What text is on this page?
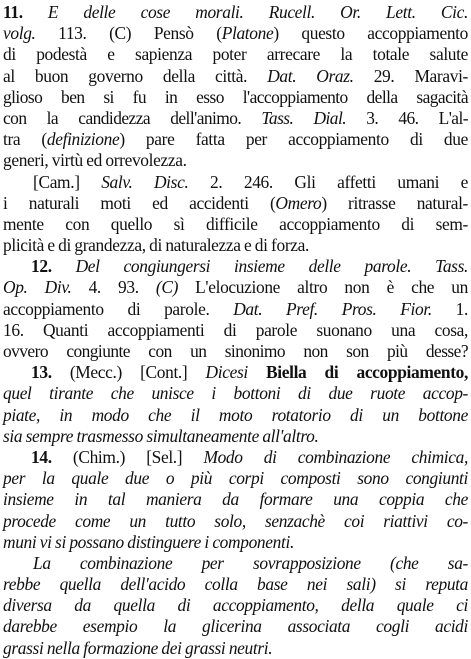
11. E delle cose morali. Rucell. Or. Lett. Cic.
volg. 113. (C) Pensò (Platone) questo accoppiamento
di podestà e sapienza poter arrecare la totale salute
al buon governo della città. Dat. Oraz. 29. Maravi-
glioso ben si fu in esso l'accoppiamento della sagacità
con la candidezza dell'animo. Tass. Dial. 3. 46. L'al-
tra (definizione) pare fatta per accoppiamento di due
generi, virtù ed orrevolezza.
[Cam.] Salv. Disc. 2. 246. Gli affetti umani e
i naturali moti ed accidenti (Omero) ritrasse natural-
mente con quello sì difficile accoppiamento di sem-
plicità e di grandezza, di naturalezza e di forza.
12. Del congiungersi insieme delle parole. Tass.
Op. Div. 4. 93. (C) L'elocuzione altro non è che un
accoppiamento di parole. Dat. Pref. Pros. Fior. 1.
16. Quanti accoppiamenti di parole suonano una cosa,
ovvero congiunte con un sinonimo non son più desse?
13. (Mecc.) [Cont.] Dicesi Biella di accoppiamento,
quel tirante che unisce i bottoni di due ruote accop-
piate, in modo che il moto rotatorio di un bottone
sia sempre trasmesso simultaneamente all'altro.
14. (Chim.) [Sel.] Modo di combinazione chimica,
per la quale due o più corpi composti sono congiunti
insieme in tal maniera da formare una coppia che
procede come un tutto solo, senzachè coi riattivi co-
muni vi si possano distinguere i componenti.
La combinazione per sovrapposizione (che sa-
rebbe quella dell'acido colla base nei sali) si reputa
diversa da quella di accoppiamento, della quale ci
darebbe esempio la glicerina associata cogli acidi
grassi nella formazione dei grassi neutri.
